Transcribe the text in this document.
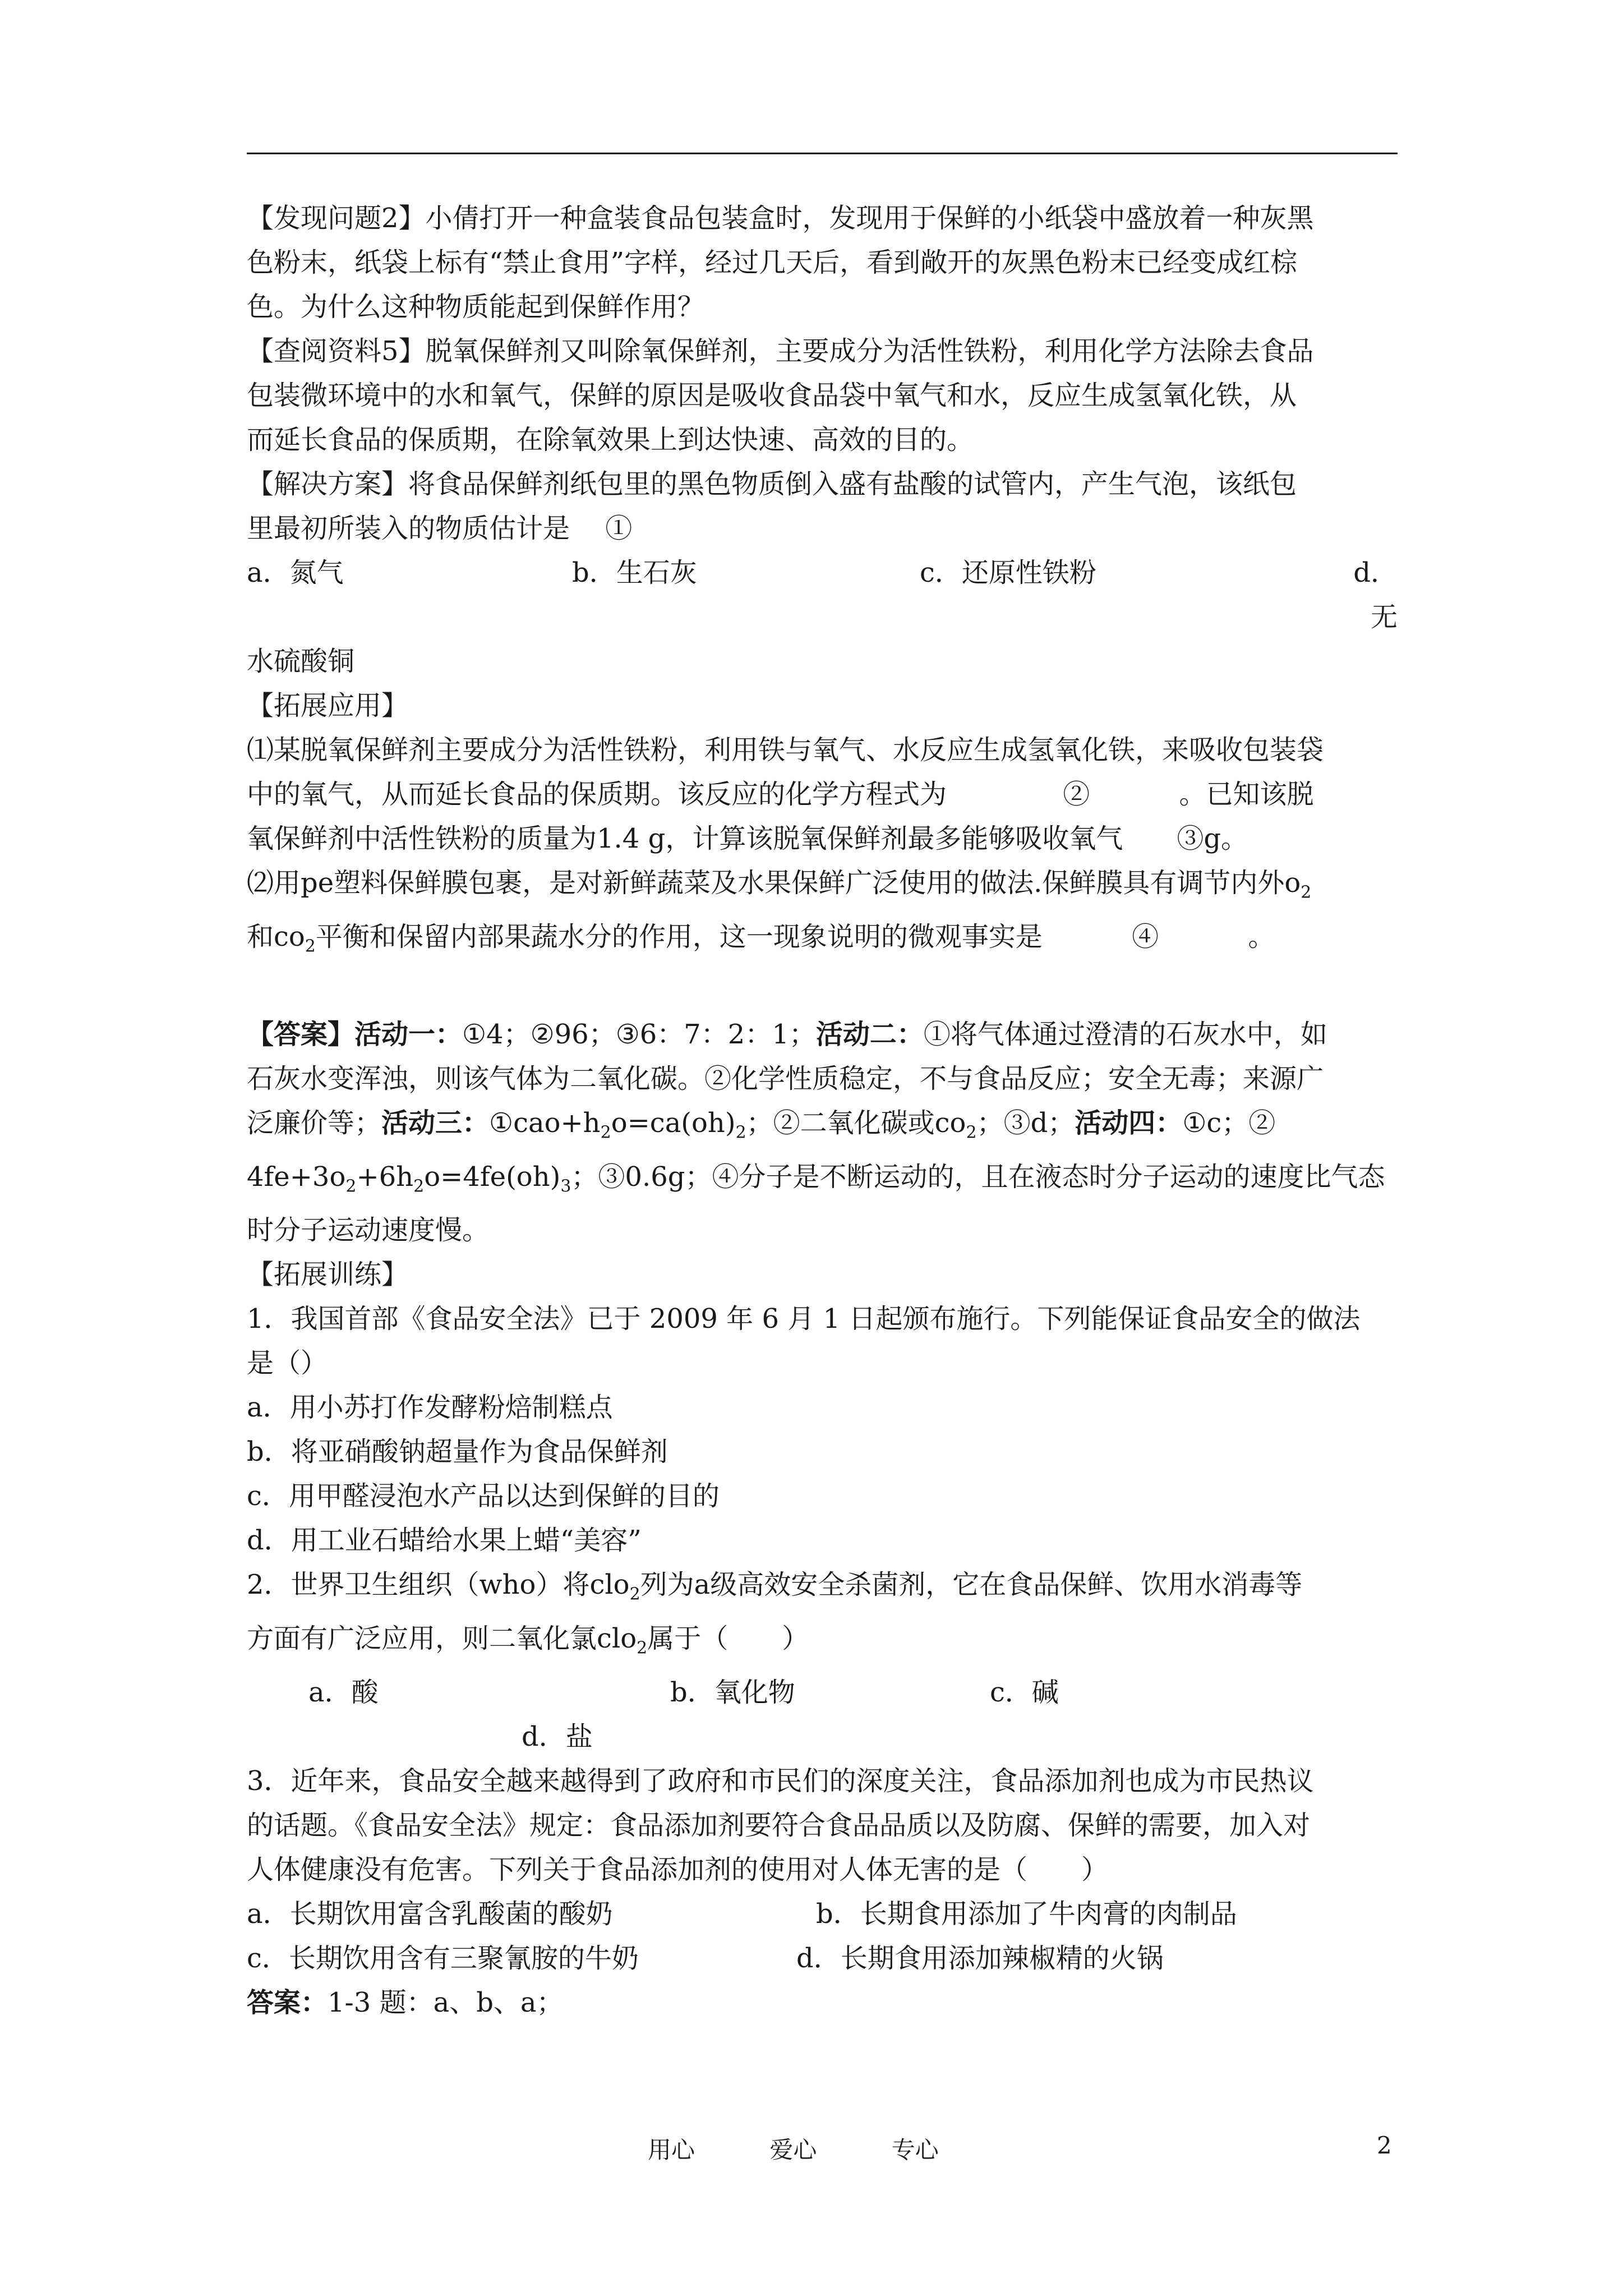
【发现问题2】小倩打开一种盒装食品包装盒时，发现用于保鲜的小纸袋中盛放着一种灰黑

色粉末，纸袋上标有“禁止食用”字样，经过几天后，看到敞开的灰黑色粉末已经变成红棕

色。为什么这种物质能起到保鲜作用？

【查阅资料5】脱氧保鲜剂又叫除氧保鲜剂，主要成分为活性铁粉，利用化学方法除去食品

包装微环境中的水和氧气，保鲜的原因是吸收食品袋中氧气和水，反应生成氢氧化铁，从

而延长食品的保质期，在除氧效果上到达快速、高效的目的。

【解决方案】将食品保鲜剂纸包里的黑色物质倒入盛有盐酸的试管内，产生气泡，该纸包

里最初所装入的物质估计是　 ①

a．氮气	b．生石灰	c．还原性铁粉	d．无

水硫酸铜

【拓展应用】

⑴某脱氧保鲜剂主要成分为活性铁粉，利用铁与氧气、水反应生成氢氧化铁，来吸收包装袋

中的氧气，从而延长食品的保质期。该反应的化学方程式为　　　　 ②　　　 。已知该脱

氧保鲜剂中活性铁粉的质量为1.4 g，计算该脱氧保鲜剂最多能够吸收氧气　　③g。

⑵用pe塑料保鲜膜包裹，是对新鲜蔬菜及水果保鲜广泛使用的做法.保鲜膜具有调节内外$o_2$

和$co_2$平衡和保留内部果蔬水分的作用，这一现象说明的微观事实是　　　 ④　　　 。

【答案】活动一：①4；②96；③6：7：2：1；活动二：①将气体通过澄清的石灰水中，如

石灰水变浑浊，则该气体为二氧化碳。②化学性质稳定，不与食品反应；安全无毒；来源广

泛廉价等；活动三：$①cao+h_2o=ca(oh)_2$；②二氧化碳或$co_2$；③d；活动四：①c；②

$4fe+3o_2+6h_2o=4fe(oh)_3$；③0.6g；④分子是不断运动的，且在液态时分子运动的速度比气态

时分子运动速度慢。

【拓展训练】

1．我国首部《食品安全法》已于 2009 年 6 月 1 日起颁布施行。下列能保证食品安全的做法

是（）

a．用小苏打作发酵粉焙制糕点

b．将亚硝酸钠超量作为食品保鲜剂

c．用甲醛浸泡水产品以达到保鲜的目的

d．用工业石蜡给水果上蜡“美容”

2．世界卫生组织（who）将clo$_2$列为a级高效安全杀菌剂，它在食品保鲜、饮用水消毒等

方面有广泛应用，则二氧化氯clo$_2$属于（　　）

a．酸	b．氧化物	c．碱
d．盐

3．近年来，食品安全越来越得到了政府和市民们的深度关注，食品添加剂也成为市民热议

的话题。《食品安全法》规定：食品添加剂要符合食品品质以及防腐、保鲜的需要，加入对

人体健康没有危害。下列关于食品添加剂的使用对人体无害的是（　　）

a．长期饮用富含乳酸菌的酸奶	b．长期食用添加了牛肉膏的肉制品
c．长期饮用含有三聚氰胺的牛奶	d．长期食用添加辣椒精的火锅

答案：1-3 题：a、b、a；

用心	爱心	专心	2
